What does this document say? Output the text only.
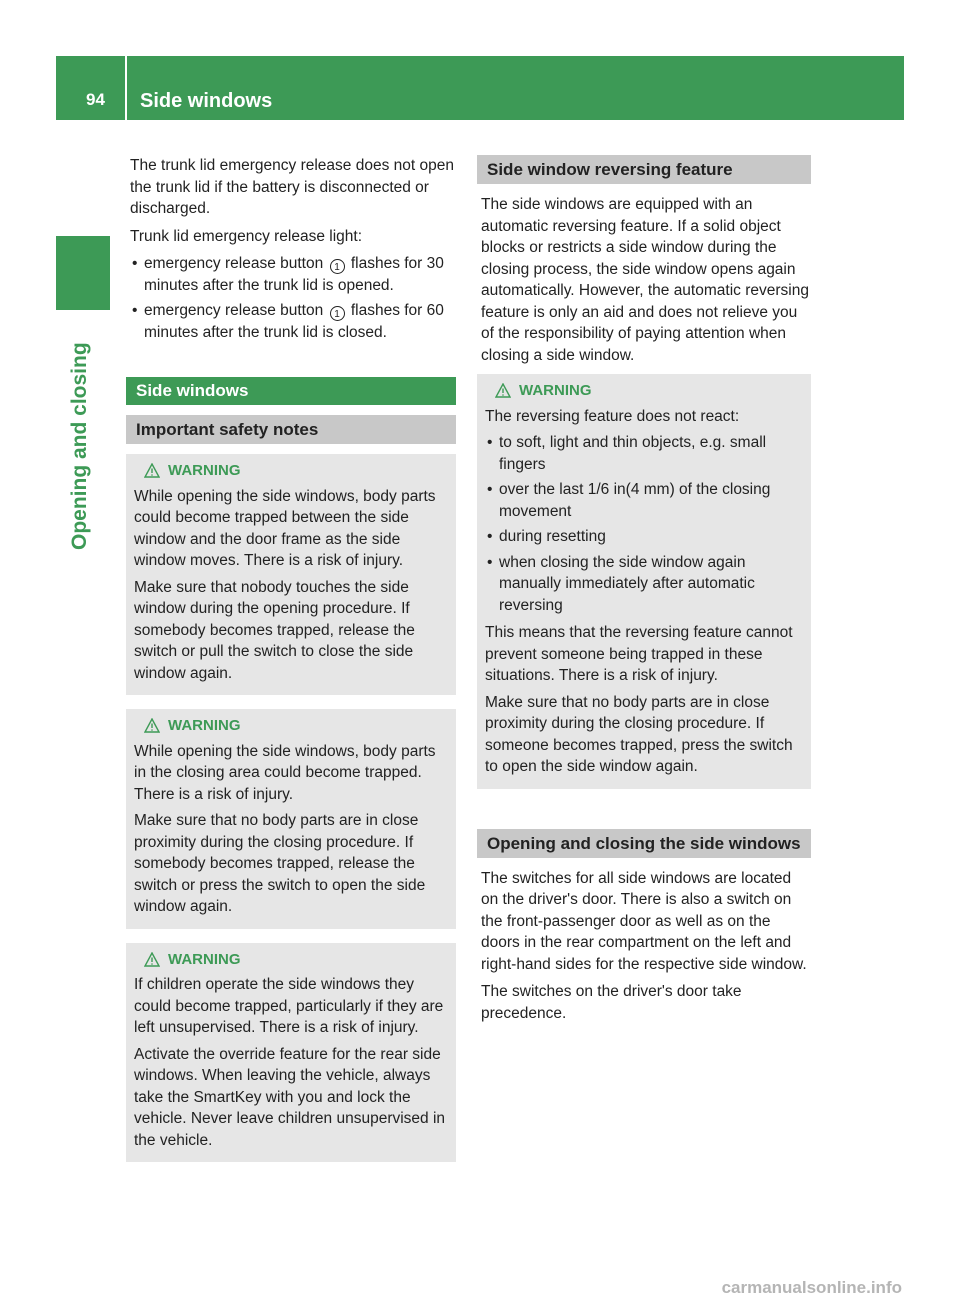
94 Side windows
Opening and closing

The trunk lid emergency release does not open the trunk lid if the battery is disconnected or discharged.

Trunk lid emergency release light:

• emergency release button 1 flashes for 30 minutes after the trunk lid is opened.
• emergency release button 1 flashes for 60 minutes after the trunk lid is closed.
Side windows
Important safety notes
WARNING

While opening the side windows, body parts could become trapped between the side window and the door frame as the side window moves. There is a risk of injury.

Make sure that nobody touches the side window during the opening procedure. If somebody becomes trapped, release the switch or pull the switch to close the side window again.

WARNING

While opening the side windows, body parts in the closing area could become trapped. There is a risk of injury.

Make sure that no body parts are in close proximity during the closing procedure. If somebody becomes trapped, release the switch or press the switch to open the side window again.

WARNING

If children operate the side windows they could become trapped, particularly if they are left unsupervised. There is a risk of injury.

Activate the override feature for the rear side windows. When leaving the vehicle, always take the SmartKey with you and lock the vehicle. Never leave children unsupervised in the vehicle.

Side window reversing feature

The side windows are equipped with an automatic reversing feature. If a solid object blocks or restricts a side window during the closing process, the side window opens again automatically. However, the automatic reversing feature is only an aid and does not relieve you of the responsibility of paying attention when closing a side window.

WARNING

The reversing feature does not react:

• to soft, light and thin objects, e.g. small fingers
• over the last 1/6 in(4 mm) of the closing movement
• during resetting
• when closing the side window again manually immediately after automatic reversing

This means that the reversing feature cannot prevent someone being trapped in these situations. There is a risk of injury.

Make sure that no body parts are in close proximity during the closing procedure. If someone becomes trapped, press the switch to open the side window again.

Opening and closing the side windows

The switches for all side windows are located on the driver's door. There is also a switch on the front-passenger door as well as on the doors in the rear compartment on the left and right-hand sides for the respective side window.

The switches on the driver's door take precedence.

carmanualsonline.info
